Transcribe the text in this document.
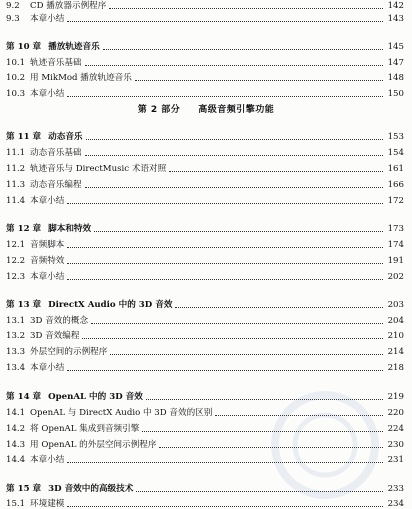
9.2	CD 播放器示例程序	142
9.3	本章小结	143
第 10 章 播放轨迹音乐	145
10.1 轨迹音乐基础	147
10.2 用 MikMod 播放轨迹音乐	148
10.3 本章小结	150
第 2 部分 高级音频引擎功能
第 11 章 动态音乐	153
11.1 动态音乐基础	154
11.2 轨迹音乐与 DirectMusic 术语对照	161
11.3 动态音乐编程	166
11.4 本章小结	172
第 12 章 脚本和特效	173
12.1 音频脚本	174
12.2 音频特效	191
12.3 本章小结	202
第 13 章 DirectX Audio 中的 3D 音效	203
13.1 3D 音效的概念	204
13.2 3D 音效编程	210
13.3 外层空间的示例程序	214
13.4 本章小结	218
第 14 章 OpenAL 中的 3D 音效	219
14.1 OpenAL 与 DirectX Audio 中 3D 音效的区别	220
14.2 将 OpenAL 集成到音频引擎	224
14.3 用 OpenAL 的外层空间示例程序	230
14.4 本章小结	231
第 15 章 3D 音效中的高级技术	233
15.1 环境建模	234
